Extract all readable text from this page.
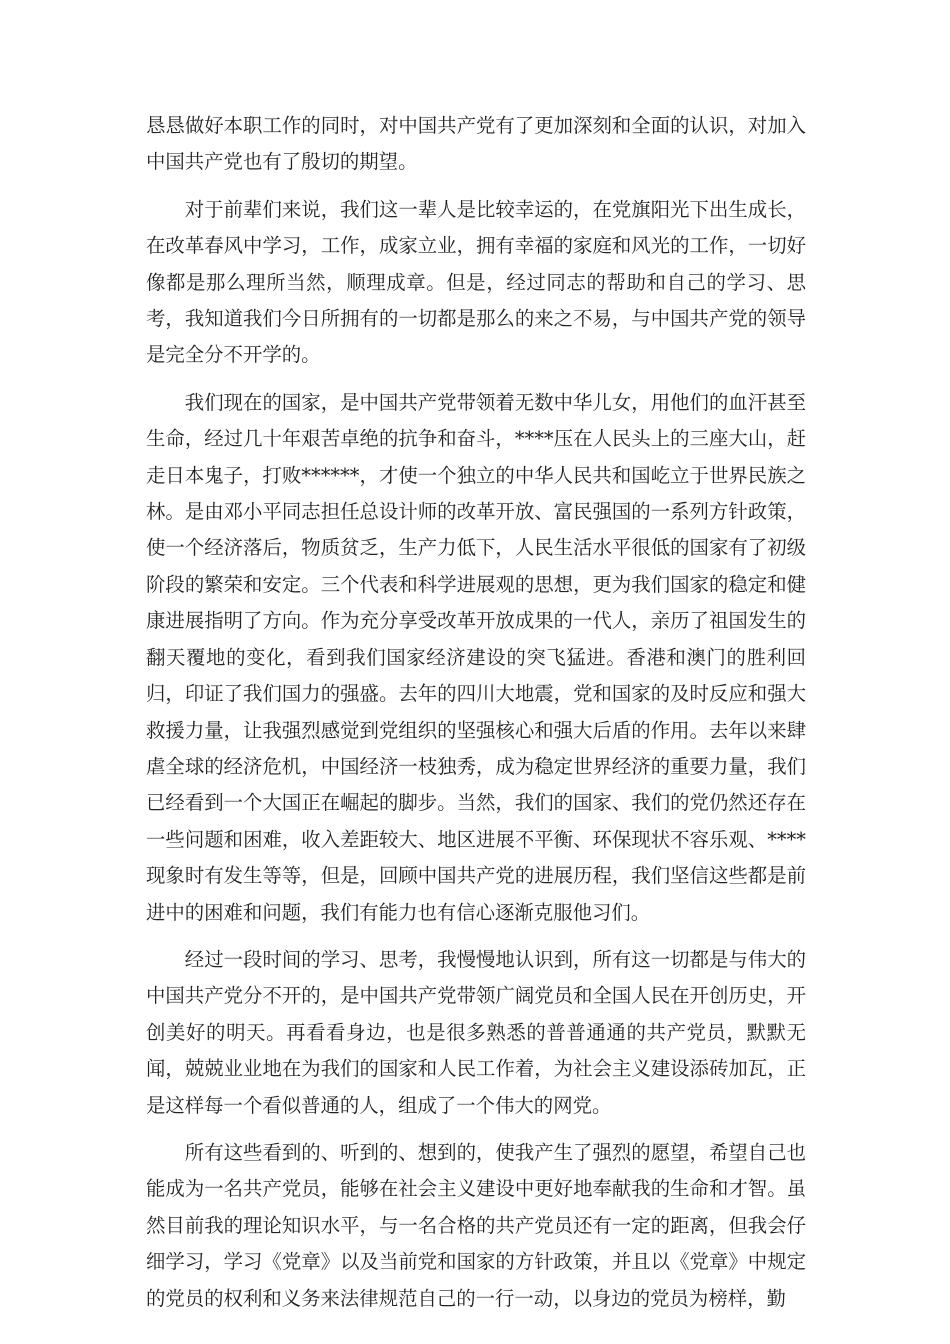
恳恳做好本职工作的同时，对中国共产党有了更加深刻和全面的认识，对加入中国共产党也有了殷切的期望。

对于前辈们来说，我们这一辈人是比较幸运的，在党旗阳光下出生成长，在改革春风中学习，工作，成家立业，拥有幸福的家庭和风光的工作，一切好像都是那么理所当然，顺理成章。但是，经过同志的帮助和自己的学习、思考，我知道我们今日所拥有的一切都是那么的来之不易，与中国共产党的领导是完全分不开学的。

我们现在的国家，是中国共产党带领着无数中华儿女，用他们的血汗甚至生命，经过几十年艰苦卓绝的抗争和奋斗，****压在人民头上的三座大山，赶走日本鬼子，打败******，才使一个独立的中华人民共和国屹立于世界民族之林。是由邓小平同志担任总设计师的改革开放、富民强国的一系列方针政策，使一个经济落后，物质贫乏，生产力低下，人民生活水平很低的国家有了初级阶段的繁荣和安定。三个代表和科学进展观的思想，更为我们国家的稳定和健康进展指明了方向。作为充分享受改革开放成果的一代人，亲历了祖国发生的翻天覆地的变化，看到我们国家经济建设的突飞猛进。香港和澳门的胜利回归，印证了我们国力的强盛。去年的四川大地震，党和国家的及时反应和强大救援力量，让我强烈感觉到党组织的坚强核心和强大后盾的作用。去年以来肆虐全球的经济危机，中国经济一枝独秀，成为稳定世界经济的重要力量，我们已经看到一个大国正在崛起的脚步。当然，我们的国家、我们的党仍然还存在一些问题和困难，收入差距较大、地区进展不平衡、环保现状不容乐观、****现象时有发生等等，但是，回顾中国共产党的进展历程，我们坚信这些都是前进中的困难和问题，我们有能力也有信心逐渐克服他习们。

经过一段时间的学习、思考，我慢慢地认识到，所有这一切都是与伟大的中国共产党分不开的，是中国共产党带领广阔党员和全国人民在开创历史，开创美好的明天。再看看身边，也是很多熟悉的普普通通的共产党员，默默无闻，兢兢业业地在为我们的国家和人民工作着，为社会主义建设添砖加瓦，正是这样每一个看似普通的人，组成了一个伟大的网党。

所有这些看到的、听到的、想到的，使我产生了强烈的愿望，希望自己也能成为一名共产党员，能够在社会主义建设中更好地奉献我的生命和才智。虽然目前我的理论知识水平，与一名合格的共产党员还有一定的距离，但我会仔细学习，学习《党章》以及当前党和国家的方针政策，并且以《党章》中规定的党员的权利和义务来法律规范自己的一行一动，以身边的党员为榜样，勤
